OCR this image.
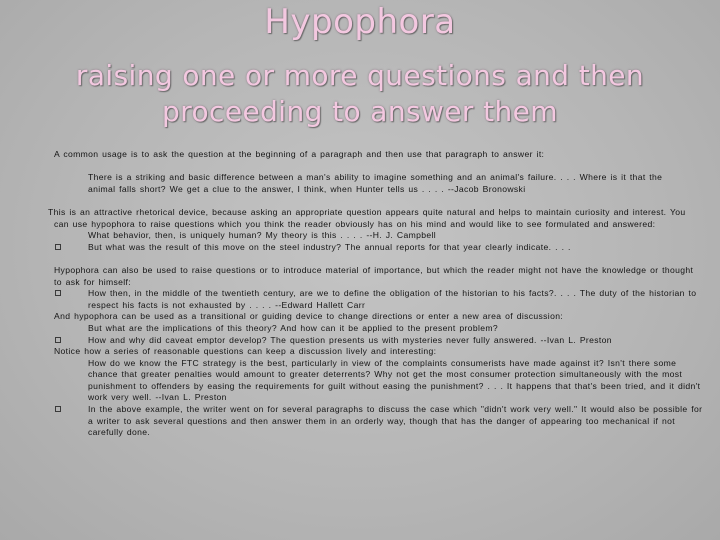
Hypophora
raising one or more questions and then
proceeding to answer them

A common usage is to ask the question at the beginning of a paragraph and then use that paragraph to answer it:

There is a striking and basic difference between a man's ability to imagine something and an animal's failure. . . . Where is it that the animal falls short? We get a clue to the answer, I think, when Hunter tells us . . . . --Jacob Bronowski

This is an attractive rhetorical device, because asking an appropriate question appears quite natural and helps to maintain curiosity and interest. You can use hypophora to raise questions which you think the reader obviously has on his mind and would like to see formulated and answered:

What behavior, then, is uniquely human? My theory is this . . . . --H. J. Campbell

But what was the result of this move on the steel industry? The annual reports for that year clearly indicate. . . .

Hypophora can also be used to raise questions or to introduce material of importance, but which the reader might not have the knowledge or thought to ask for himself:

How then, in the middle of the twentieth century, are we to define the obligation of the historian to his facts?. . . . The duty of the historian to respect his facts is not exhausted by . . . . --Edward Hallett Carr

And hypophora can be used as a transitional or guiding device to change directions or enter a new area of discussion:

But what are the implications of this theory? And how can it be applied to the present problem?

How and why did caveat emptor develop? The question presents us with mysteries never fully answered. --Ivan L. Preston

Notice how a series of reasonable questions can keep a discussion lively and interesting:

How do we know the FTC strategy is the best, particularly in view of the complaints consumerists have made against it? Isn't there some chance that greater penalties would amount to greater deterrents? Why not get the most consumer protection simultaneously with the most punishment to offenders by easing the requirements for guilt without easing the punishment? . . . It happens that that's been tried, and it didn't work very well. --Ivan L. Preston

In the above example, the writer went on for several paragraphs to discuss the case which "didn't work very well." It would also be possible for a writer to ask several questions and then answer them in an orderly way, though that has the danger of appearing too mechanical if not carefully done.
